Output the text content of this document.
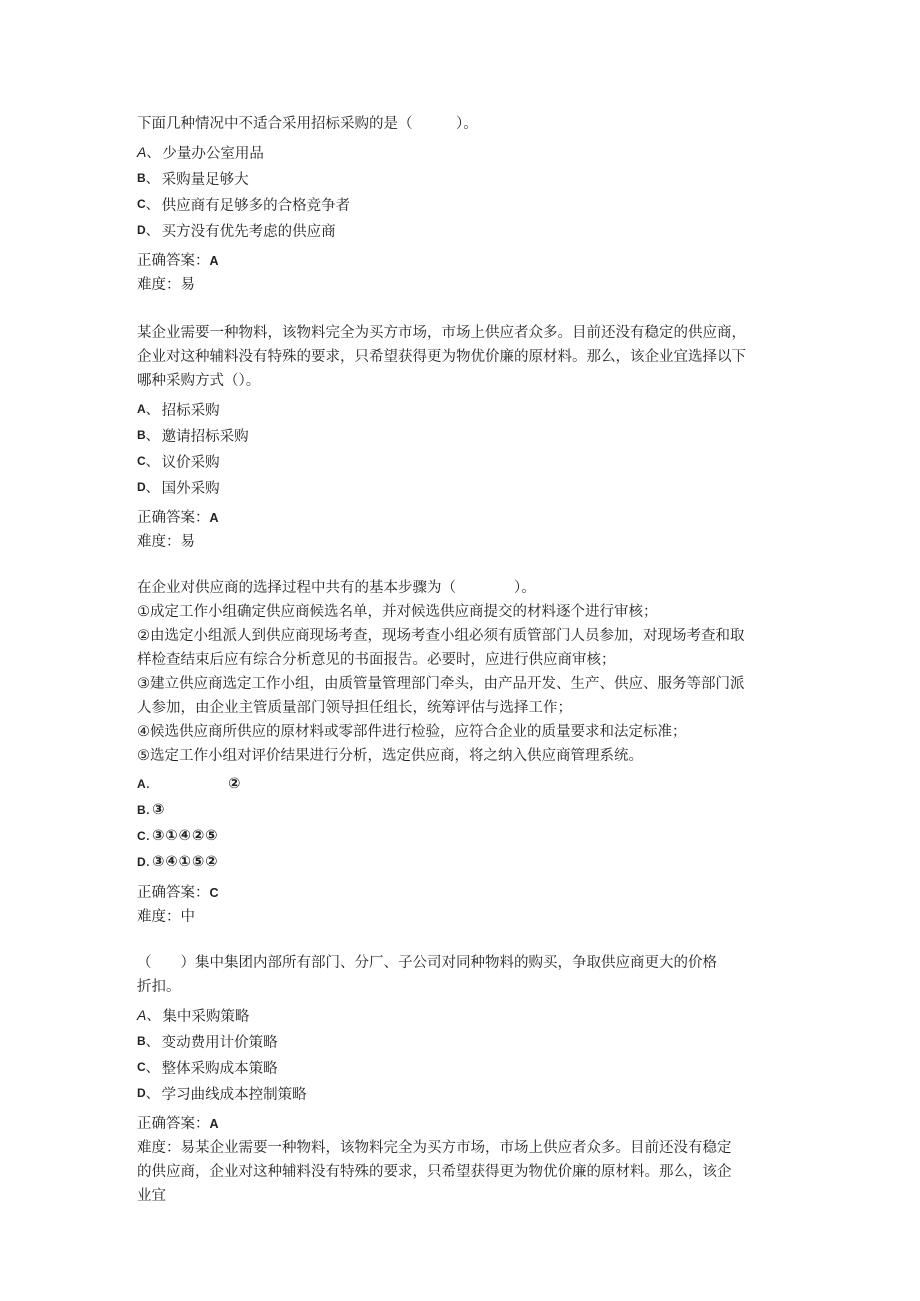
下面几种情况中不适合采用招标采购的是（　　　）。
A 、 少量办公室用品
B 、 采购量足够大
C 、 供应商有足够多的合格竞争者
D 、 买方没有优先考虑的供应商
正确答案：A
难度：易
某企业需要一种物料，该物料完全为买方市场，市场上供应者众多。目前还没有稳定的供应商，
企业对这种辅料没有特殊的要求，只希望获得更为物优价廉的原材料。那么，该企业宜选择以下
哪种采购方式（）。
A 、 招标采购
B 、 邀请招标采购
C 、 议价采购
D 、 国外采购
正确答案：A
难度：易
在企业对供应商的选择过程中共有的基本步骤为（　　　　）。
①成定工作小组确定供应商候选名单，并对候选供应商提交的材料逐个进行审核；
②由选定小组派人到供应商现场考查，现场考查小组必须有质管部门人员参加，对现场考查和取
样检查结束后应有综合分析意见的书面报告。必要时，应进行供应商审核；
③建立供应商选定工作小组，由质管量管理部门牵头，由产品开发、生产、供应、服务等部门派
人参加，由企业主管质量部门领导担任组长，统筹评估与选择工作；
④候选供应商所供应的原材料或零部件进行检验，应符合企业的质量要求和法定标准；
⑤选定工作小组对评价结果进行分析，选定供应商，将之纳入供应商管理系统。
A .	②
B . ③
C . ③①④②⑤
D . ③④①⑤②
正确答案：C
难度：中
（　　）集中集团内部所有部门、分厂、子公司对同种物料的购买，争取供应商更大的价格
折扣。
A 、 集中采购策略
B 、 变动费用计价策略
C 、 整体采购成本策略
D 、 学习曲线成本控制策略
正确答案：A
难度：易某企业需要一种物料，该物料完全为买方市场，市场上供应者众多。目前还没有稳定
的供应商，企业对这种辅料没有特殊的要求，只希望获得更为物优价廉的原材料。那么，该企
业宜
